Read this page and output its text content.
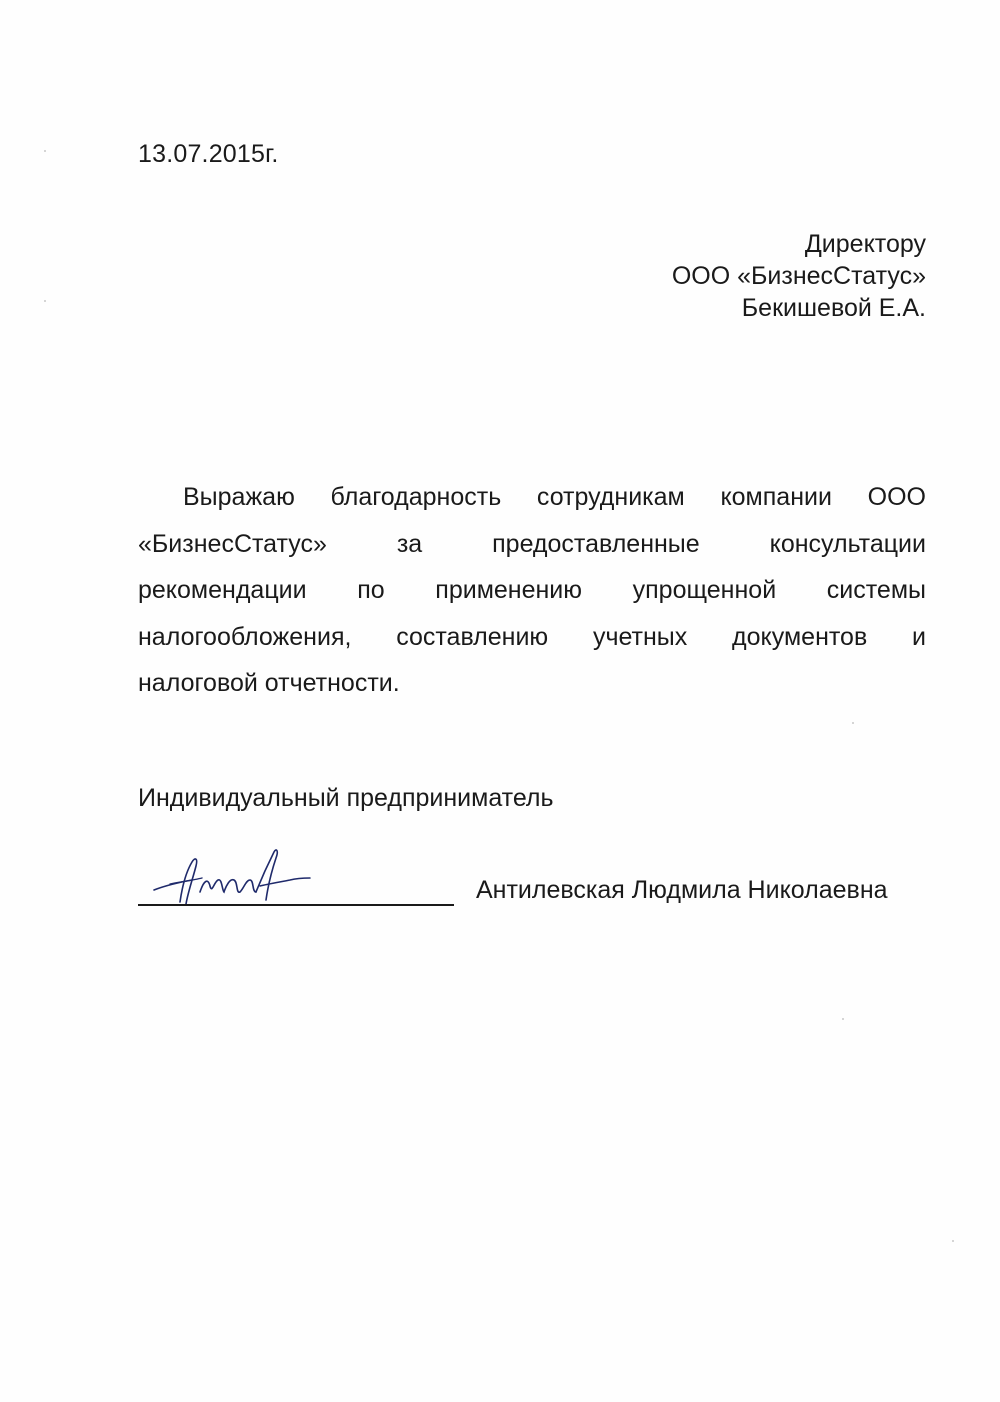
13.07.2015г.
Директору
ООО «БизнесСтатус»
Бекишевой Е.А.
Выражаю благодарность сотрудникам компании ООО
«БизнесСтатус»	за	предоставленные	консультации
рекомендации по применению упрощенной системы
налогообложения, составлению учетных документов и
налоговой отчетности.
Индивидуальный предприниматель
Антилевская Людмила Николаевна
